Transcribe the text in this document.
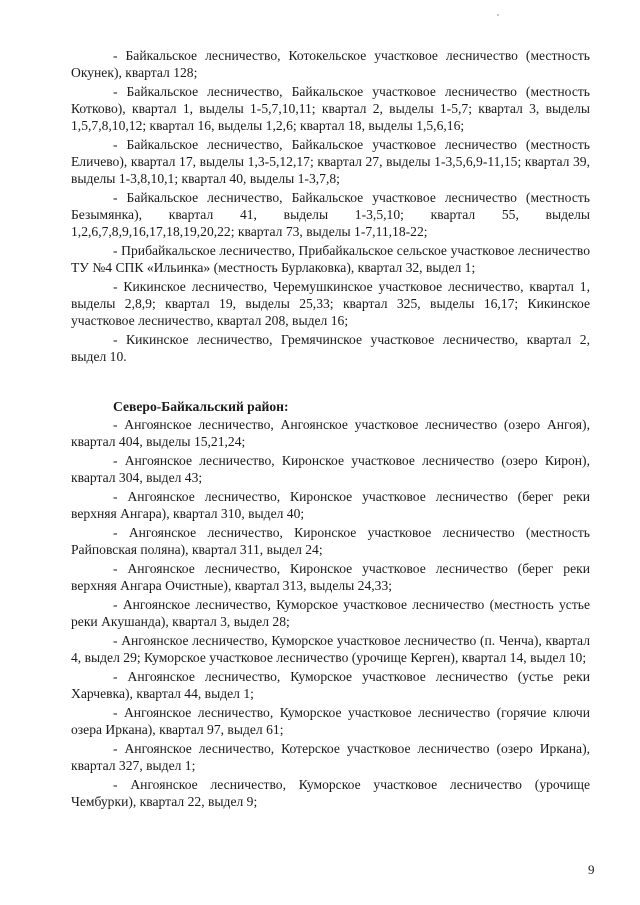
- Байкальское лесничество, Котокельское участковое лесничество (местность Окунек), квартал 128;

- Байкальское лесничество, Байкальское участковое лесничество (местность Котково), квартал 1, выделы 1-5,7,10,11; квартал 2, выделы 1-5,7; квартал 3, выделы 1,5,7,8,10,12; квартал 16, выделы 1,2,6; квартал 18, выделы 1,5,6,16;

- Байкальское лесничество, Байкальское участковое лесничество (местность Еличево), квартал 17, выделы 1,3-5,12,17; квартал 27, выделы 1-3,5,6,9-11,15; квартал 39, выделы 1-3,8,10,1; квартал 40, выделы 1-3,7,8;

- Байкальское лесничество, Байкальское участковое лесничество (местность Безымянка), квартал 41, выделы 1-3,5,10; квартал 55, выделы 1,2,6,7,8,9,16,17,18,19,20,22; квартал 73, выделы 1-7,11,18-22;

- Прибайкальское лесничество, Прибайкальское сельское участковое лесничество ТУ №4 СПК «Ильинка» (местность Бурлаковка), квартал 32, выдел 1;

- Кикинское лесничество, Черемушкинское участковое лесничество, квартал 1, выделы 2,8,9; квартал 19, выделы 25,33; квартал 325, выделы 16,17; Кикинское участковое лесничество, квартал 208, выдел 16;

- Кикинское лесничество, Гремячинское участковое лесничество, квартал 2, выдел 10.

Северо-Байкальский район:

- Ангоянское лесничество, Ангоянское участковое лесничество (озеро Ангоя), квартал 404, выделы 15,21,24;

- Ангоянское лесничество, Киронское участковое лесничество (озеро Кирон), квартал 304, выдел 43;

- Ангоянское лесничество, Киронское участковое лесничество (берег реки верхняя Ангара), квартал 310, выдел 40;

- Ангоянское лесничество, Киронское участковое лесничество (местность Райповская поляна), квартал 311, выдел 24;

- Ангоянское лесничество, Киронское участковое лесничество (берег реки верхняя Ангара Очистные), квартал 313, выделы 24,33;

- Ангоянское лесничество, Куморское участковое лесничество (местность устье реки Акушанда), квартал 3, выдел 28;

- Ангоянское лесничество, Куморское участковое лесничество (п. Ченча), квартал 4, выдел 29; Куморское участковое лесничество (урочище Керген), квартал 14, выдел 10;

- Ангоянское лесничество, Куморское участковое лесничество (устье реки Харчевка), квартал 44, выдел 1;

- Ангоянское лесничество, Куморское участковое лесничество (горячие ключи озера Иркана), квартал 97, выдел 61;

- Ангоянское лесничество, Котерское участковое лесничество (озеро Иркана), квартал 327, выдел 1;

- Ангоянское лесничество, Куморское участковое лесничество (урочище Чембурки), квартал 22, выдел 9;

9
